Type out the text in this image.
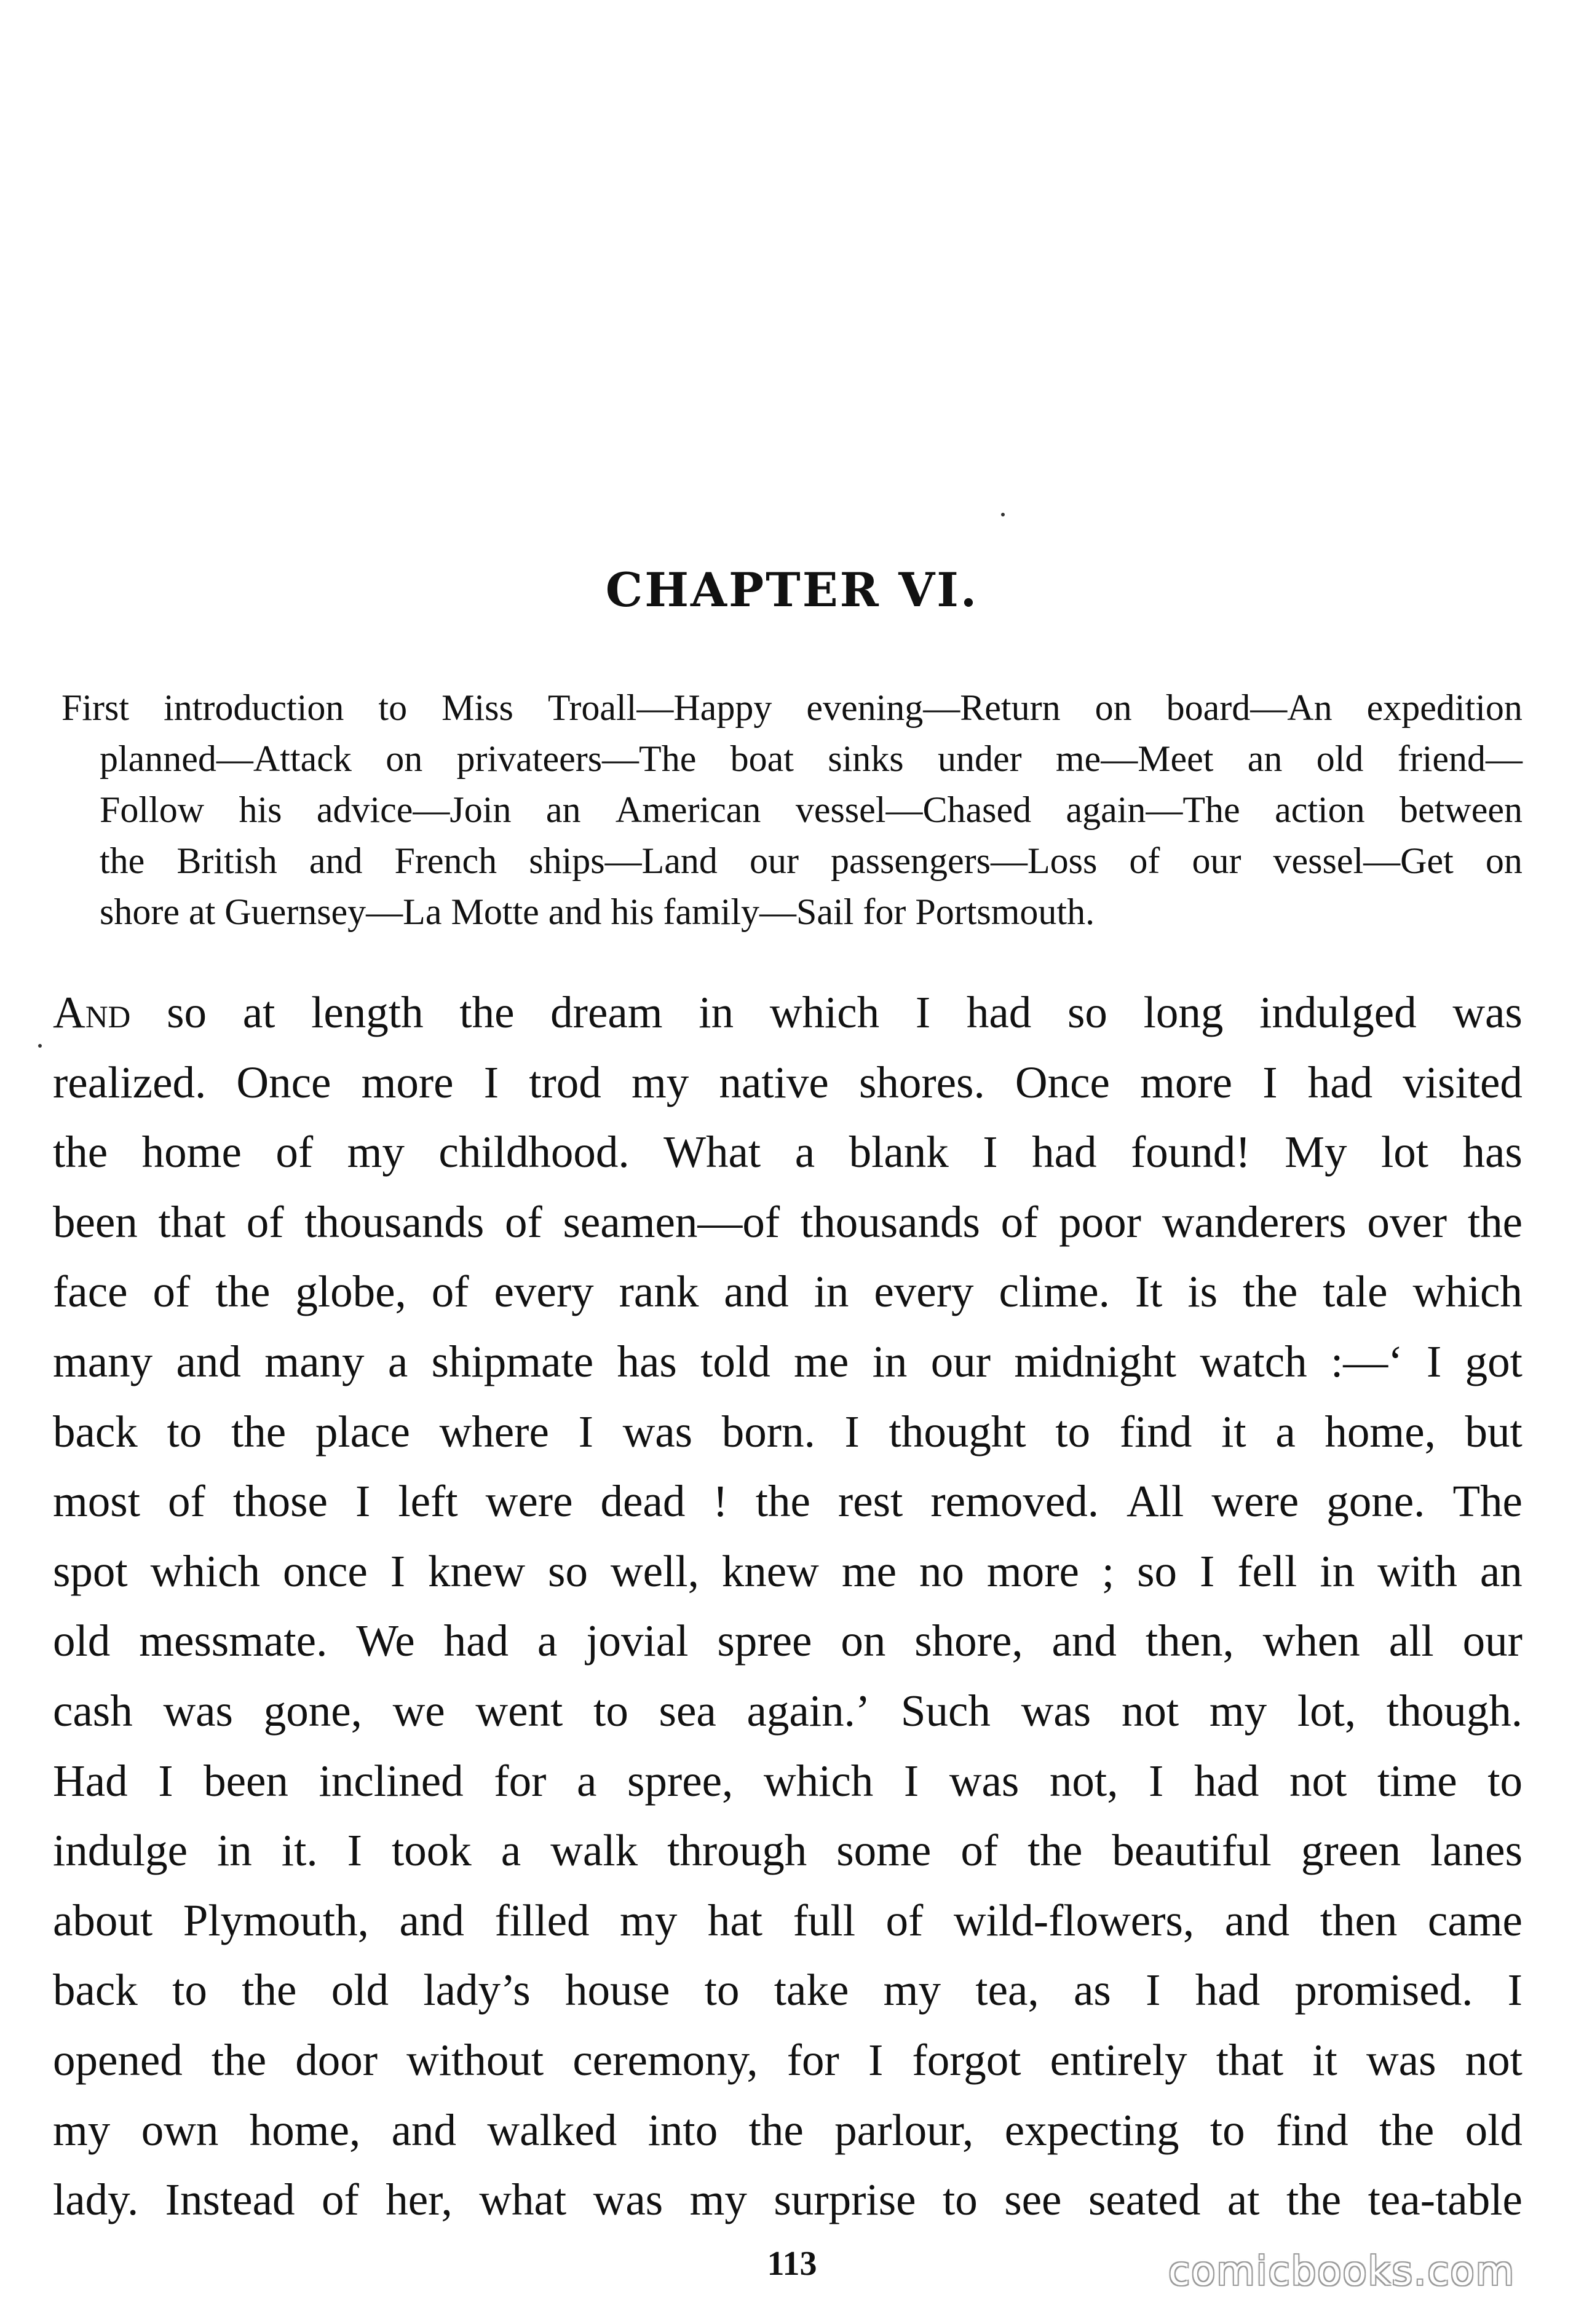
CHAPTER VI.
First introduction to Miss Troall—Happy evening—Return on board—An expedition
planned—Attack on privateers—The boat sinks under me—Meet an old friend—
Follow his advice—Join an American vessel—Chased again—The action between
the British and French ships—Land our passengers—Loss of our vessel—Get on
shore at Guernsey—La Motte and his family—Sail for Portsmouth.
And so at length the dream in which I had so long indulged was
realized. Once more I trod my native shores. Once more I had visited
the home of my childhood. What a blank I had found! My lot has
been that of thousands of seamen—of thousands of poor wanderers over the
face of the globe, of every rank and in every clime. It is the tale which
many and many a shipmate has told me in our midnight watch :—‘ I got
back to the place where I was born. I thought to find it a home, but
most of those I left were dead ! the rest removed. All were gone. The
spot which once I knew so well, knew me no more ; so I fell in with an
old messmate. We had a jovial spree on shore, and then, when all our
cash was gone, we went to sea again.’ Such was not my lot, though.
Had I been inclined for a spree, which I was not, I had not time to
indulge in it. I took a walk through some of the beautiful green lanes
about Plymouth, and filled my hat full of wild-flowers, and then came
back to the old lady’s house to take my tea, as I had promised. I
opened the door without ceremony, for I forgot entirely that it was not
my own home, and walked into the parlour, expecting to find the old
lady. Instead of her, what was my surprise to see seated at the tea-table
113	comicbooks.com
